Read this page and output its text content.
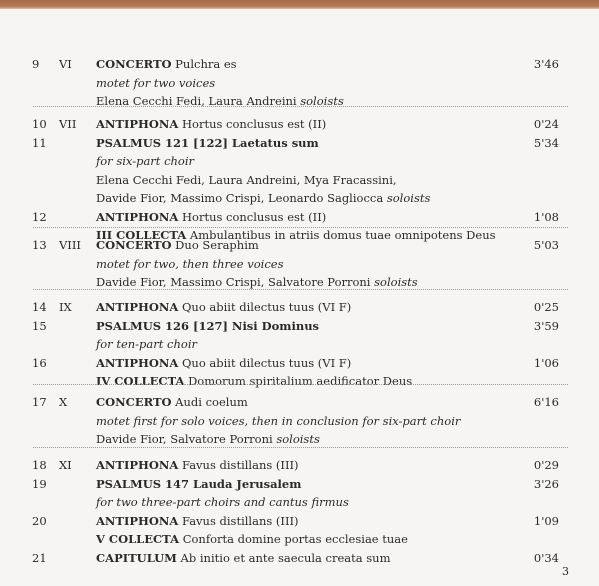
3
9 VI CONCERTO Pulchra es	3'46
motet for two voices
Elena Cecchi Fedi, Laura Andreini soloists
10 VII ANTIPHONA Hortus conclusus est (II)	0'24
11	PSALMUS 121 [122] Laetatus sum	5'34
for six-part choir
Elena Cecchi Fedi, Laura Andreini, Mya Fracassini,
Davide Fior, Massimo Crispi, Leonardo Sagliocca soloists
12	ANTIPHONA Hortus conclusus est (II)	1'08
III COLLECTA Ambulantibus in atriis domus tuae omnipotens Deus
13 VIII CONCERTO Duo Seraphim	5'03
motet for two, then three voices
Davide Fior, Massimo Crispi, Salvatore Porroni soloists
14 IX ANTIPHONA Quo abiit dilectus tuus (VI F)	0'25
15	PSALMUS 126 [127] Nisi Dominus	3'59
for ten-part choir
16	ANTIPHONA Quo abiit dilectus tuus (VI F)	1'06
IV COLLECTA Domorum spiritalium aedificator Deus
17 X	CONCERTO Audi coelum	6'16
motet first for solo voices, then in conclusion for six-part choir
Davide Fior, Salvatore Porroni soloists
18 XI ANTIPHONA Favus distillans (III)	0'29
19	PSALMUS 147 Lauda Jerusalem	3'26
for two three-part choirs and cantus firmus
20	ANTIPHONA Favus distillans (III)	1'09
V COLLECTA Conforta domine portas ecclesiae tuae
21	CAPITULUM Ab initio et ante saecula creata sum	0'34
